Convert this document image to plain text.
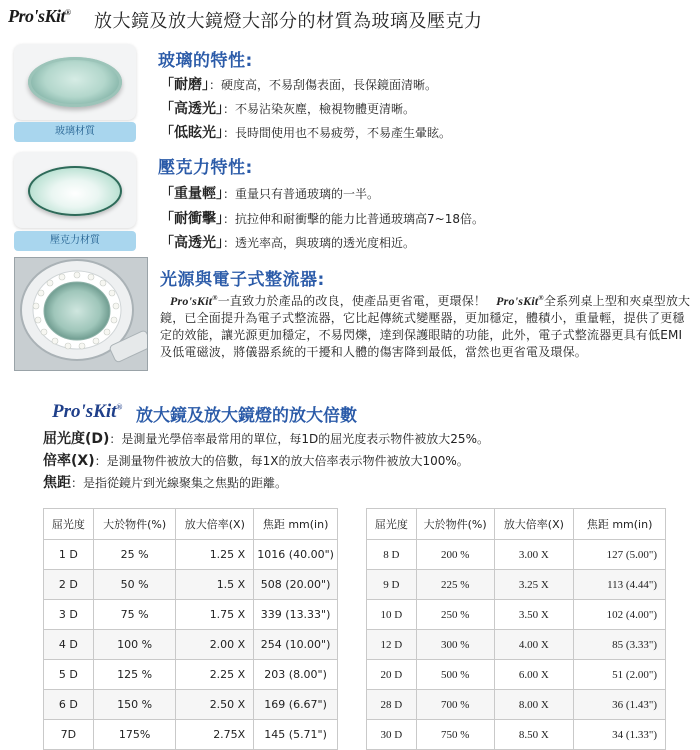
Pro'sKit® 放大鏡及放大鏡燈大部分的材質為玻璃及壓克力
玻璃材質
壓克力材質
玻璃的特性:
「耐磨」：硬度高，不易刮傷表面，長保鏡面清晰。
「高透光」：不易沾染灰塵，檢視物體更清晰。
「低眩光」：長時間使用也不易疲勞，不易產生暈眩。
壓克力特性:
「重量輕」：重量只有普通玻璃的一半。
「耐衝擊」：抗拉伸和耐衝擊的能力比普通玻璃高7~18倍。
「高透光」：透光率高，與玻璃的透光度相近。
光源與電子式整流器:
Pro'sKit®一直致力於產品的改良，使產品更省電，更環保！ Pro'sKit®全系列桌上型和夾桌型放大鏡，已全面提升為電子式整流器，它比起傳統式變壓器，更加穩定，體積小，重量輕，提供了更穩定的效能，讓光源更加穩定，不易閃爍，達到保護眼睛的功能，此外，電子式整流器更具有低EMI及低電磁波，將儀器系統的干擾和人體的傷害降到最低，當然也更省電及環保。
Pro'sKit® 放大鏡及放大鏡燈的放大倍數
屈光度(D)：是測量光學倍率最常用的單位，每1D的屈光度表示物件被放大25%。
倍率(X)：是測量物件被放大的倍數，每1X的放大倍率表示物件被放大100%。
焦距：是指從鏡片到光線聚集之焦點的距離。
屈光度	大於物件(%)	放大倍率(X)	焦距 mm(in)
1 D	25 %	1.25 X	1016 (40.00")
2 D	50 %	1.5 X	508 (20.00")
3 D	75 %	1.75 X	339 (13.33")
4 D	100 %	2.00 X	254 (10.00")
5 D	125 %	2.25 X	203 (8.00")
6 D	150 %	2.50 X	169 (6.67")
7D	175%	2.75X	145 (5.71")
屈光度	大於物件(%)	放大倍率(X)	焦距 mm(in)
8 D	200 %	3.00 X	127 (5.00")
9 D	225 %	3.25 X	113 (4.44")
10 D	250 %	3.50 X	102 (4.00")
12 D	300 %	4.00 X	85 (3.33")
20 D	500 %	6.00 X	51 (2.00")
28 D	700 %	8.00 X	36 (1.43")
30 D	750 %	8.50 X	34 (1.33")
